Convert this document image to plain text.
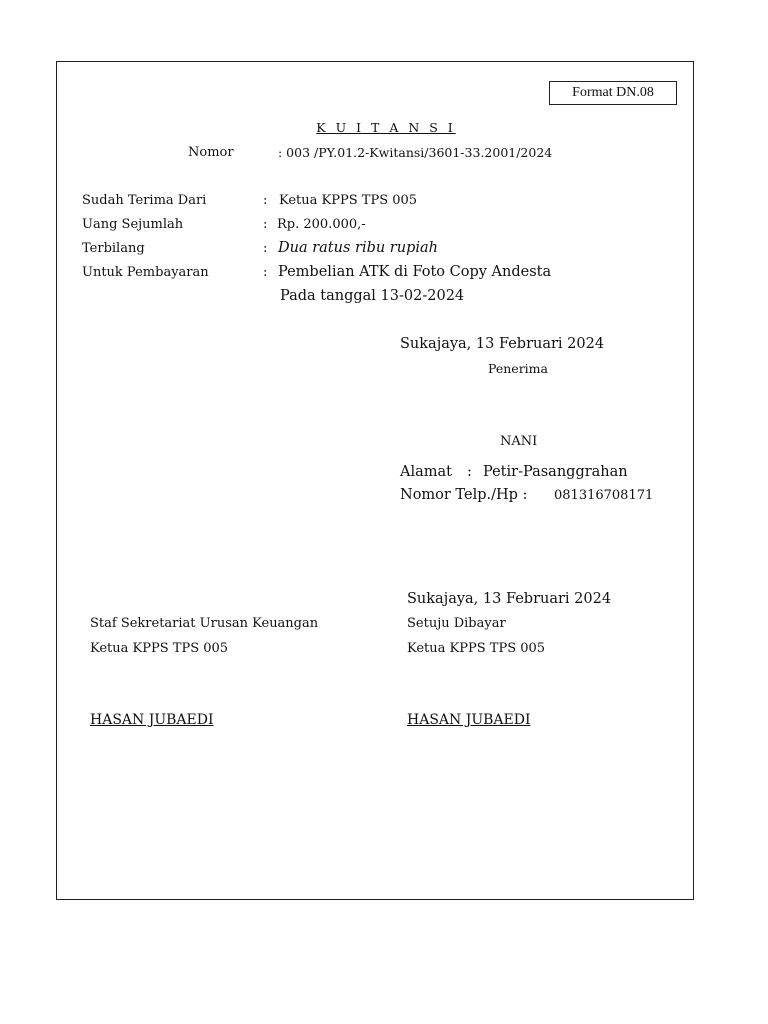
Format DN.08
K U I T A N S I
Nomor	: 003 /PY.01.2-Kwitansi/3601-33.2001/2024
Sudah Terima Dari	: Ketua KPPS TPS 005
Uang Sejumlah	: Rp. 200.000,-
Terbilang	: Dua ratus ribu rupiah
Untuk Pembayaran	: Pembelian ATK di Foto Copy Andesta
Pada tanggal 13-02-2024
Sukajaya, 13 Februari 2024
Penerima
NANI
Alamat : Petir-Pasanggrahan
Nomor Telp./Hp : 081316708171
Sukajaya, 13 Februari 2024
Setuju Dibayar
Ketua KPPS TPS 005
HASAN JUBAEDI
Staf Sekretariat Urusan Keuangan
Ketua KPPS TPS 005
HASAN JUBAEDI
